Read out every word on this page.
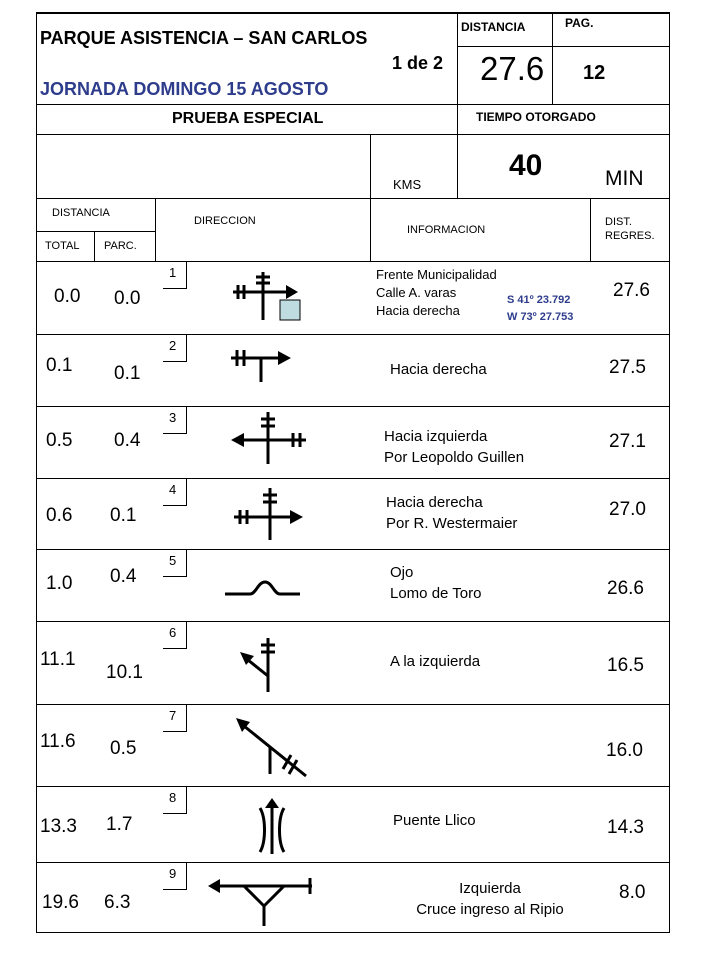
PARQUE ASISTENCIA – SAN CARLOS
1 de 2
JORNADA DOMINGO 15 AGOSTO
DISTANCIA	PAG.
27.6 12
PRUEBA ESPECIAL	TIEMPO OTORGADO
KMS
40	MIN
DISTANCIA
TOTAL PARC.
DIRECCION
INFORMACION
DIST.
REGRES.
1
0.0 0.0
Frente Municipalidad
Calle A. varas
Hacia derecha
S 41º 23.792
W 73º 27.753
27.6
2
0.1 0.1	Hacia derecha	27.5
3
0.5 0.4	Hacia izquierda
Por Leopoldo Guillen
27.1
4
0.6 0.1
Hacia derecha
Por R. Westermaier
27.0
5
1.0 0.4	Ojo
Lomo de Toro	26.6
6
11.1
10.1
A la izquierda	16.5
7
11.6 0.5	16.0
8
13.3 1.7	Puente Llico	14.3
9
19.6 6.3
Izquierda
Cruce ingreso al Ripio
8.0
